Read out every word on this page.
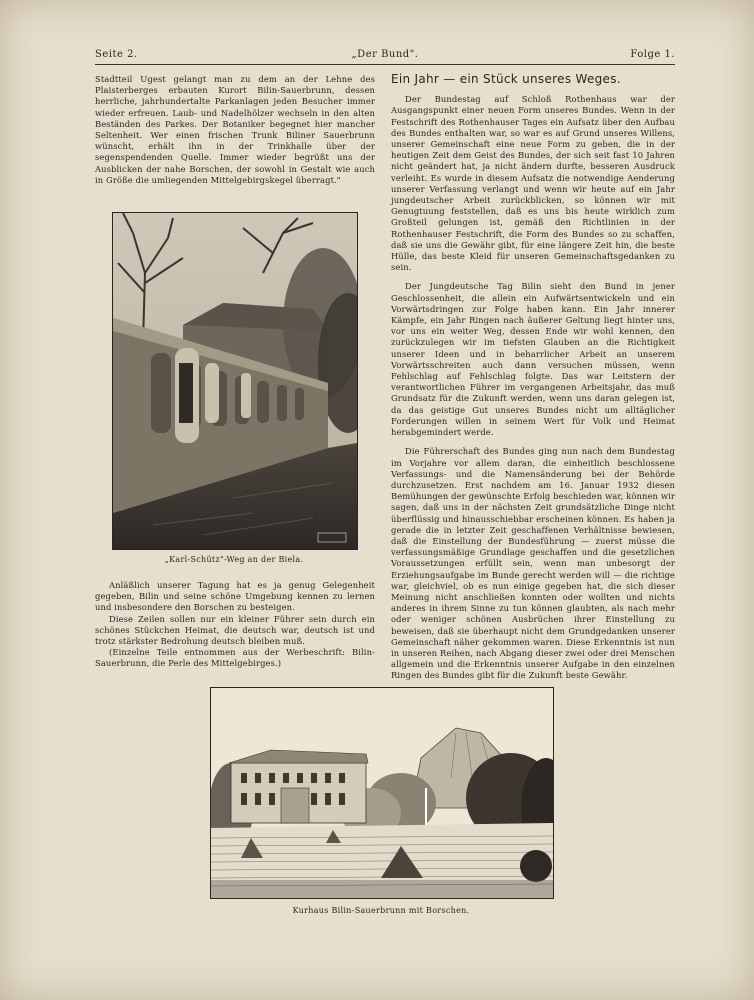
Seite 2.	„Der Bund".	Folge 1.

Stadtteil Ugest gelangt man zu dem an der Lehne des Plaisterberges erbauten Kurort Bilin-Sauerbrunn, dessen herrliche, jahrhundertalte Parkanlagen jeden Besucher immer wieder erfreuen. Laub- und Nadelhölzer wechseln in den alten Beständen des Parkes. Der Botaniker begegnet hier mancher Seltenheit. Wer einen frischen Trunk Biliner Sauerbrunn wünscht, erhält ihn in der Trinkhalle über der segenspendenden Quelle. Immer wieder begrüßt uns der Ausblicken der nahe Borschen, der sowohl in Gestalt wie auch in Größe die umliegenden Mittelgebirgskegel überragt."

„Karl-Schütz"-Weg an der Biela.

Anläßlich unserer Tagung hat es ja genug Gelegenheit gegeben, Bilin und seine schöne Umgebung kennen zu lernen und insbesondere den Borschen zu besteigen.

Diese Zeilen sollen nur ein kleiner Führer sein durch ein schönes Stückchen Heimat, die deutsch war, deutsch ist und trotz stärkster Bedrohung deutsch bleiben muß.

(Einzelne Teile entnommen aus der Werbeschrift: Bilin-Sauerbrunn, die Perle des Mittelgebirges.)

Ein Jahr — ein Stück unseres Weges.

Der Bundestag auf Schloß Rothenhaus war der Ausgangspunkt einer neuen Form unseres Bundes. Wenn in der Festschrift des Rothenhauser Tages ein Aufsatz über den Aufbau des Bundes enthalten war, so war es auf Grund unseres Willens, unserer Gemeinschaft eine neue Form zu geben, die in der heutigen Zeit dem Geist des Bundes, der sich seit fast 10 Jahren nicht geändert hat, ja nicht ändern durfte, besseren Ausdruck verleiht. Es wurde in diesem Aufsatz die notwendige Aenderung unserer Verfassung verlangt und wenn wir heute auf ein Jahr jungdeutscher Arbeit zurückblicken, so können wir mit Genugtuung feststellen, daß es uns bis heute wirklich zum Großteil gelungen ist, gemäß den Richtlinien in der Rothenhauser Festschrift, die Form des Bundes so zu schaffen, daß sie uns die Gewähr gibt, für eine längere Zeit hin, die beste Hülle, das beste Kleid für unseren Gemeinschaftsgedanken zu sein.

Der Jungdeutsche Tag Bilin sieht den Bund in jener Geschlossenheit, die allein ein Aufwärtsentwickeln und ein Vorwärtsdringen zur Folge haben kann. Ein Jahr innerer Kämpfe, ein Jahr Ringen nach äußerer Geltung liegt hinter uns, vor uns ein weiter Weg, dessen Ende wir wohl kennen, den zurückzulegen wir im tiefsten Glauben an die Richtigkeit unserer Ideen und in beharrlicher Arbeit an unserem Vorwärtsschreiten auch dann versuchen müssen, wenn Fehlschlag auf Fehlschlag folgte. Das war Leitstern der verantwortlichen Führer im vergangenen Arbeitsjahr, das muß Grundsatz für die Zukunft werden, wenn uns daran gelegen ist, da das geistige Gut unseres Bundes nicht um alltäglicher Forderungen willen in seinem Wert für Volk und Heimat herabgemindert werde.

Die Führerschaft des Bundes ging nun nach dem Bundestag im Vorjahre vor allem daran, die einheitlich beschlossene Verfassungs- und die Namensänderung bei der Behörde durchzusetzen. Erst nachdem am 16. Januar 1932 diesen Bemühungen der gewünschte Erfolg beschieden war, können wir sagen, daß uns in der nächsten Zeit grundsätzliche Dinge nicht überflüssig und hinausschiebbar erscheinen können. Es haben ja gerade die in letzter Zeit geschaffenen Verhältnisse bewiesen, daß die Einstellung der Bundesführung — zuerst müsse die verfassungsmäßige Grundlage geschaffen und die gesetzlichen Voraussetzungen erfüllt sein, wenn man unbesorgt der Erziehungsaufgabe im Bunde gerecht werden will — die richtige war, gleichviel, ob es nun einige gegeben hat, die sich dieser Meinung nicht anschließen konnten oder wollten und nichts anderes in ihrem Sinne zu tun können glaubten, als nach mehr oder weniger schönen Ausbrüchen ihrer Einstellung zu beweisen, daß sie überhaupt nicht dem Grundgedanken unserer Gemeinschaft näher gekommen waren. Diese Erkenntnis ist nun in unseren Reihen, nach Abgang dieser zwei oder drei Menschen allgemein und die Erkenntnis unserer Aufgabe in den einzelnen Ringen des Bundes gibt für die Zukunft beste Gewähr.

Kurhaus Bilin-Sauerbrunn mit Borschen.
